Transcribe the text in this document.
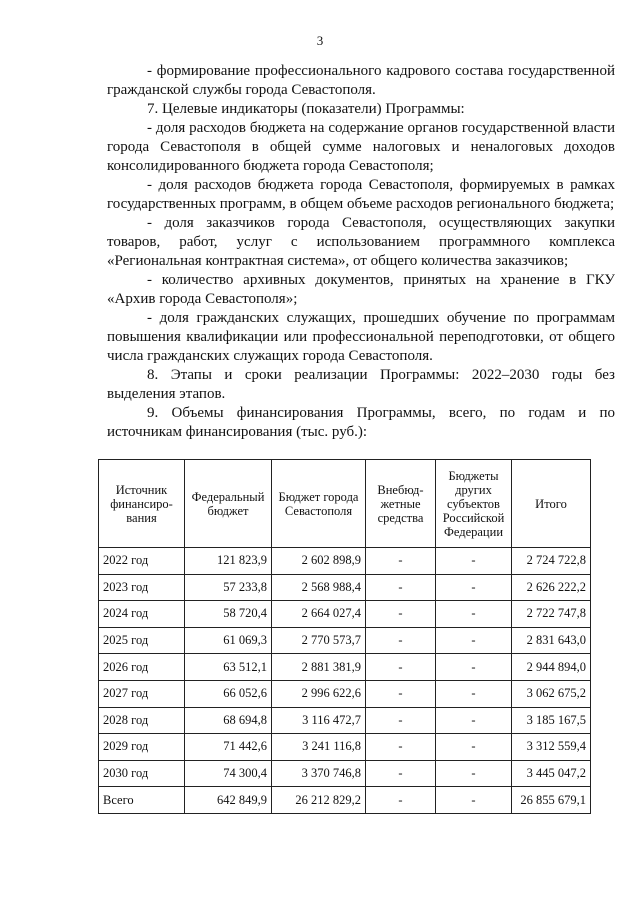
3

- формирование профессионального кадрового состава государственной гражданской службы города Севастополя.

7. Целевые индикаторы (показатели) Программы:

- доля расходов бюджета на содержание органов государственной власти города Севастополя в общей сумме налоговых и неналоговых доходов консолидированного бюджета города Севастополя;

- доля расходов бюджета города Севастополя, формируемых в рамках государственных программ, в общем объеме расходов регионального бюджета;

- доля заказчиков города Севастополя, осуществляющих закупки товаров, работ, услуг с использованием программного комплекса «Региональная контрактная система», от общего количества заказчиков;

- количество архивных документов, принятых на хранение в ГКУ «Архив города Севастополя»;

- доля гражданских служащих, прошедших обучение по программам повышения квалификации или профессиональной переподготовки, от общего числа гражданских служащих города Севастополя.

8. Этапы и сроки реализации Программы: 2022–2030 годы без выделения этапов.

9. Объемы финансирования Программы, всего, по годам и по источникам финансирования (тыс. руб.):

Источник финансиро-вания	Федеральный бюджет	Бюджет города Севастополя	Внебюд-жетные средства	Бюджеты других субъектов Российской Федерации	Итого
2022 год	121 823,9	2 602 898,9	-	-	2 724 722,8
2023 год	57 233,8	2 568 988,4	-	-	2 626 222,2
2024 год	58 720,4	2 664 027,4	-	-	2 722 747,8
2025 год	61 069,3	2 770 573,7	-	-	2 831 643,0
2026 год	63 512,1	2 881 381,9	-	-	2 944 894,0
2027 год	66 052,6	2 996 622,6	-	-	3 062 675,2
2028 год	68 694,8	3 116 472,7	-	-	3 185 167,5
2029 год	71 442,6	3 241 116,8	-	-	3 312 559,4
2030 год	74 300,4	3 370 746,8	-	-	3 445 047,2
Всего	642 849,9	26 212 829,2	-	-	26 855 679,1
